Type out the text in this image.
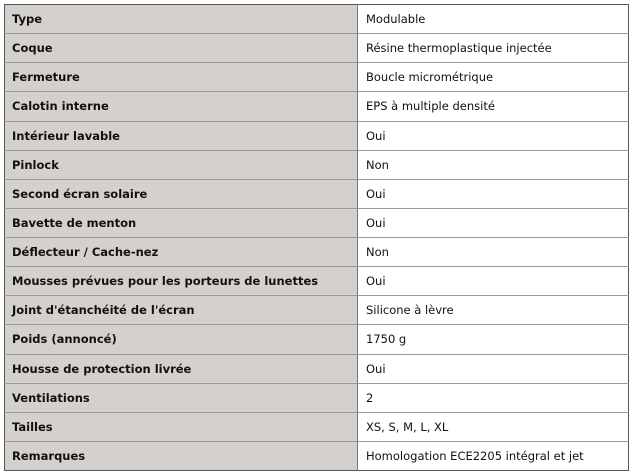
Type	Modulable
Coque	Résine thermoplastique injectée
Fermeture	Boucle micrométrique
Calotin interne	EPS à multiple densité
Intérieur lavable	Oui
Pinlock	Non
Second écran solaire	Oui
Bavette de menton	Oui
Déflecteur / Cache-nez	Non
Mousses prévues pour les porteurs de lunettes	Oui
Joint d'étanchéité de l'écran	Silicone à lèvre
Poids (annoncé)	1750 g
Housse de protection livrée	Oui
Ventilations	2
Tailles	XS, S, M, L, XL
Remarques	Homologation ECE2205 intégral et jet
